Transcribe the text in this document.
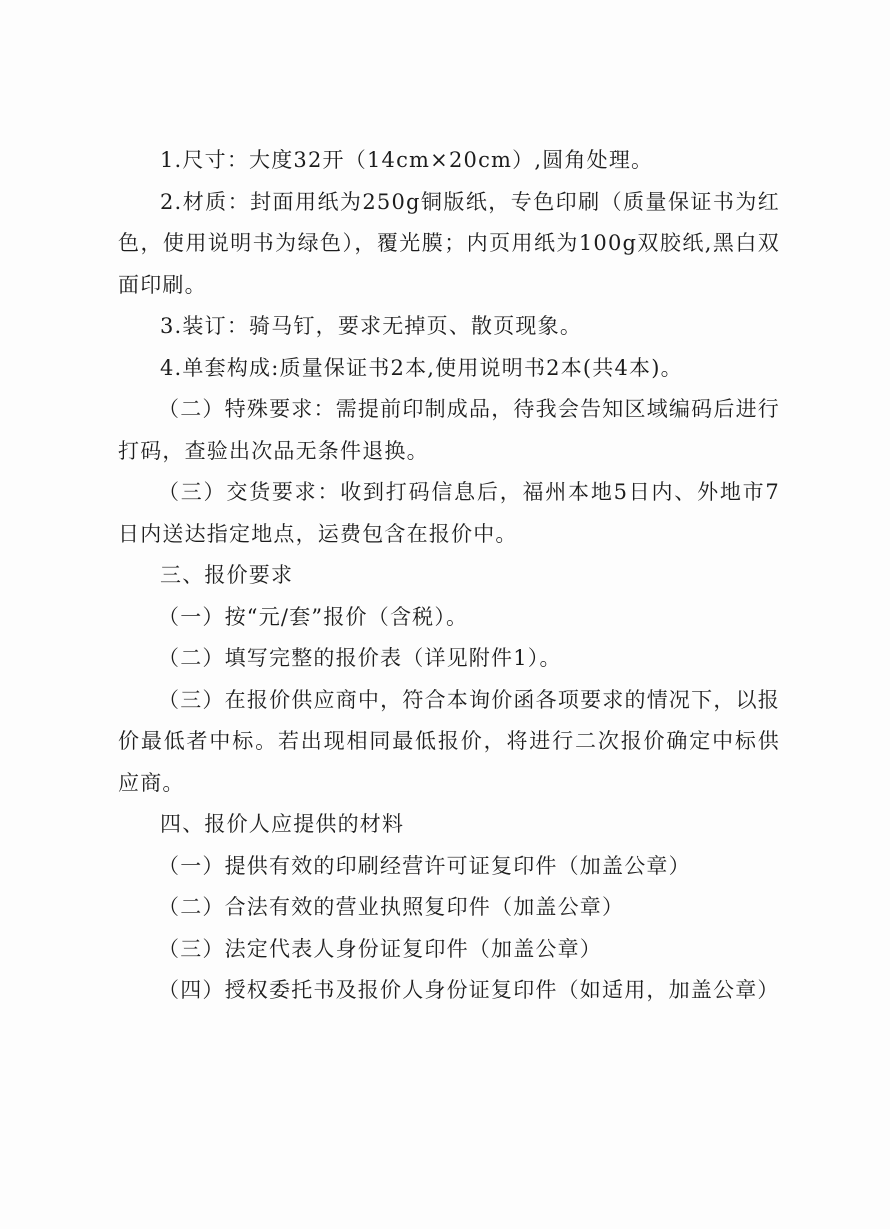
1.尺寸：大度32开（14cm×20cm）,圆角处理。

2.材质：封面用纸为250g铜版纸，专色印刷（质量保证书为红色，使用说明书为绿色），覆光膜；内页用纸为100g双胶纸,黑白双面印刷。

3.装订：骑马钉，要求无掉页、散页现象。

4.单套构成:质量保证书2本,使用说明书2本(共4本)。

（二）特殊要求：需提前印制成品，待我会告知区域编码后进行打码，查验出次品无条件退换。

（三）交货要求：收到打码信息后，福州本地5日内、外地市7日内送达指定地点，运费包含在报价中。

三、报价要求

（一）按“元/套”报价（含税）。

（二）填写完整的报价表（详见附件1）。

（三）在报价供应商中，符合本询价函各项要求的情况下，以报价最低者中标。若出现相同最低报价，将进行二次报价确定中标供应商。

四、报价人应提供的材料

（一）提供有效的印刷经营许可证复印件（加盖公章）

（二）合法有效的营业执照复印件（加盖公章）

（三）法定代表人身份证复印件（加盖公章）

（四）授权委托书及报价人身份证复印件（如适用，加盖公章）
